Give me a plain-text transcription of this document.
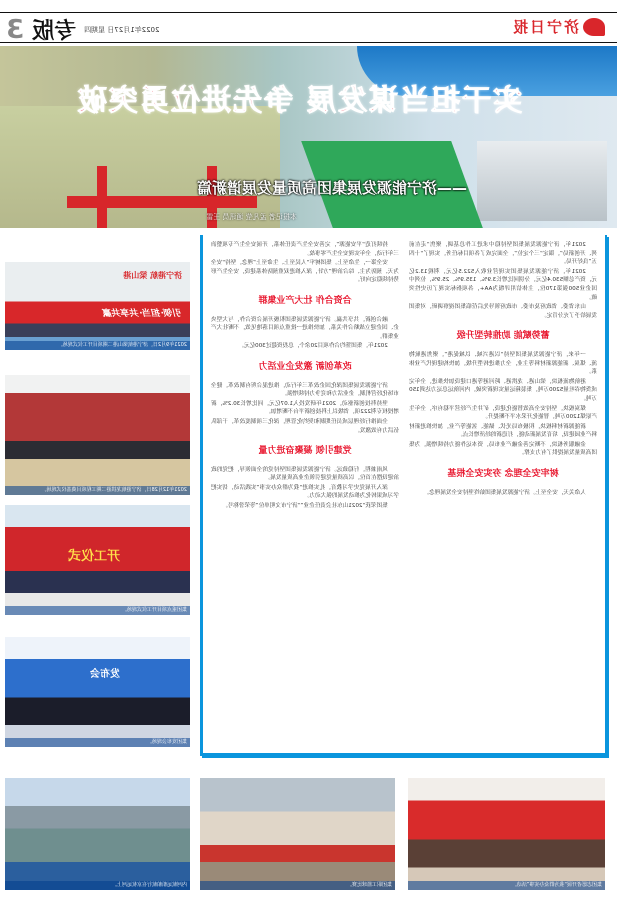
济宁日报
2022年1月27日 星期四
专版
3
实干担当谋发展 争先进位勇突破
——济宁能源发展集团高质量发展谱新篇
本报记者 孟凡莹 通讯员 王雷

2021年，济宁能源发展集团坚持稳中求进工作总基调，聚焦“走在前列、开创新局”，锚定“三个定位”，全面完成了各项目标任务，实现了“十四五”良好开局。

2021年，济宁能源发展集团实现营业收入522.5亿元，利税13.2亿元，资产总额530.4亿元，分别同比增长3.9%、135.9%、25.9%，位列中国企业500强第170位，主体信用评级为AA+，各项指标实现了历史性突破。

山东省委、省政府及市委、市政府领导先后莅临集团视察调研，对集团发展给予了充分肯定。

蓄势赋能 助推转型升级

一年来，济宁能源发展集团坚持“以港兴城、以城促港”，聚焦港航物流、煤炭、新能源新材料等主业，全力推进转型升级，加快构建现代产业体系。

港航物流板块，梁山港、龙拱港、跨河港等港口建设加快推进，全年完成货物吞吐量5200万吨，集装箱运量实现新突破，内河航运总运力达到150万吨。

煤炭板块，坚持安全高效智能化建设，矿井生产经营平稳有序，全年生产原煤1200万吨，智能化开采水平不断提升。

新能源新材料板块，积极布局光伏、储能、氢能等产业，加快推进新材料产业园建设，培育发展新动能，打造新的经济增长点。

金融服务板块，不断完善金融产业布局，资本运作能力持续增强，为集团高质量发展提供了有力支撑。

树牢安全理念 夯实安全根基

人命关天，安全至上。济宁能源发展集团始终坚持安全发展理念。

持续打造“平安能源”，完善安全生产责任体系，开展安全生产专项整治三年行动，全年实现安全生产零事故。

安全第一，生命至上。集团树牢“人民至上、生命至上”理念，坚持“安全为天、预防为主、综合治理”方针，深入推进双重预防体系建设，安全生产形势持续稳定向好。

合资合作 壮大产业集群

融合创新，共享共赢。济宁能源发展集团积极开展合资合作，与大型央企、国企建立战略合作关系，加快推进一批重点项目落地见效，不断壮大产业集群。

2021年，集团签约合作项目20余个，总投资超过300亿元。

改革创新 激发企业活力

济宁能源发展集团深化国企改革三年行动，推进混合所有制改革，健全市场化经营机制，企业活力和竞争力持续增强。

坚持科技创新驱动，2021年研发投入1.07亿元，同比增长30.2%，新增授权专利222项，省级以上科技创新平台不断增加。

全面推行经理层成员任期制和契约化管理，深化三项制度改革，干部队伍活力有效激发。

党建引领 凝聚奋进力量

风雨兼程，行稳致远。济宁能源发展集团坚持党的全面领导，把党的政治建设摆在首位，以高质量党建引领企业高质量发展。

深入开展党史学习教育，扎实推进“我为群众办实事”实践活动，切实把学习成果转化为推动发展的强大动力。

集团荣获“2021山东社会责任企业”“济宁市文明单位”等荣誉称号。

济宁港航 梁山港
引领·担当·共享共赢
2021年9月2日，济宁港航梁山港二期项目开工仪式现场。
2021年12月28日，济宁港航龙拱港二期工程项目奠基仪式现场。
开工仪式
集团重点项目开工仪式现场。
发布会
集团发布会现场。
内河航运船舶航行在京杭运河上。	集团职工篮球比赛。	集团志愿者开展“我为群众办实事”活动。
